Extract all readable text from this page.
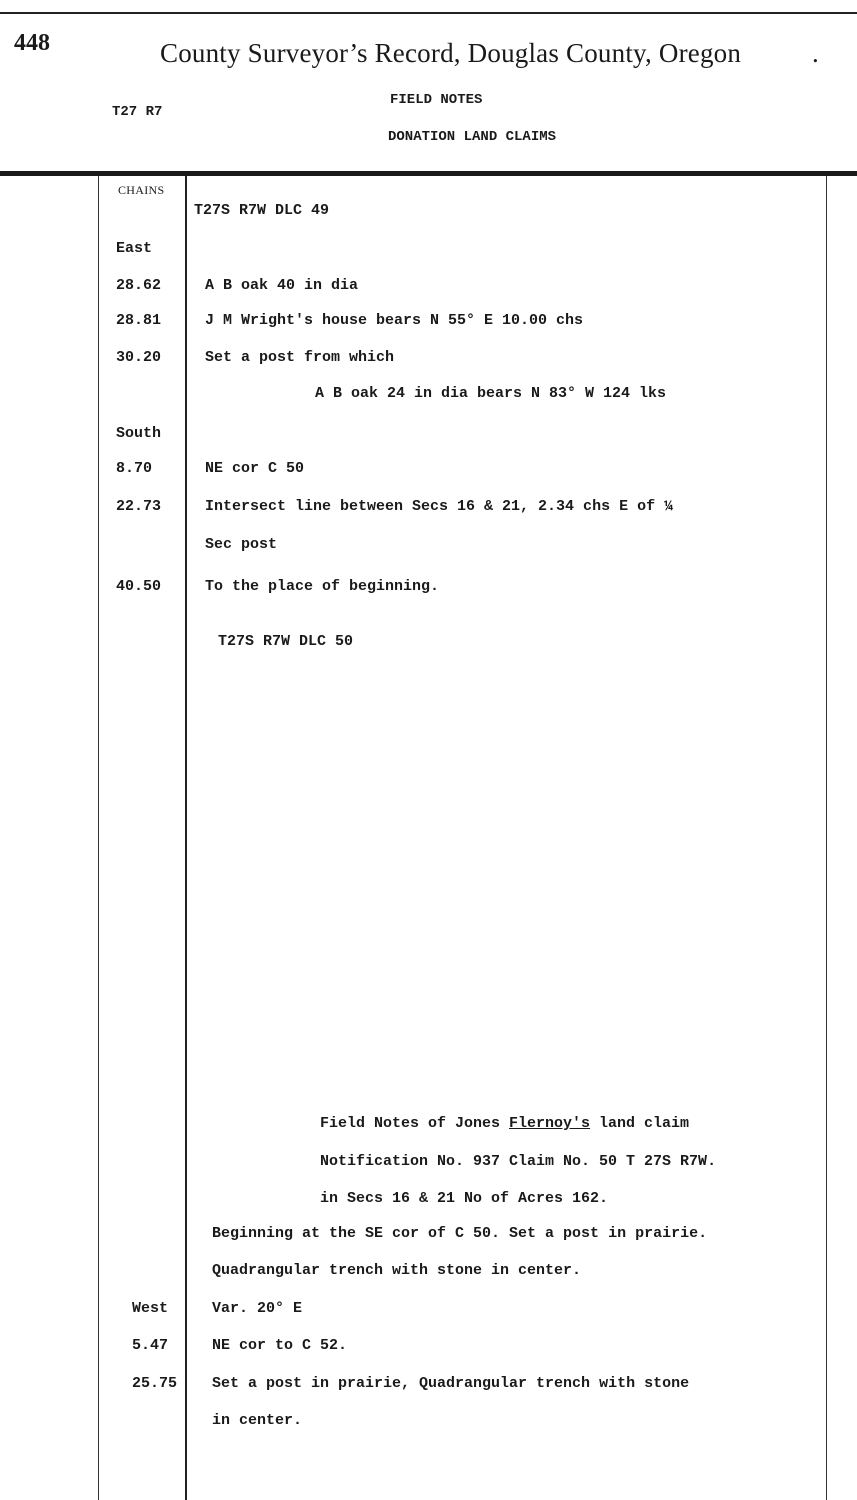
448	County Surveyor’s Record, Douglas County, Oregon	.
T27 R7
FIELD NOTES
DONATION LAND CLAIMS
CHAINS
T27S R7W DLC 49
East
28.62	A B oak 40 in dia
28.81	J M Wright's house bears N 55° E 10.00 chs
30.20	Set a post from which
A B oak 24 in dia bears N 83° W 124 lks
South
8.70	NE cor C 50
22.73	Intersect line between Secs 16 & 21, 2.34 chs E of ¼
Sec post
40.50	To the place of beginning.
T27S R7W DLC 50
Field Notes of Jones Flernoy's land claim
Notification No. 937 Claim No. 50 T 27S R7W.
in Secs 16 & 21 No of Acres 162.
Beginning at the SE cor of C 50. Set a post in prairie.
Quadrangular trench with stone in center.
West	Var. 20° E
5.47	NE cor to C 52.
25.75 Set a post in prairie, Quadrangular trench with stone
in center.
